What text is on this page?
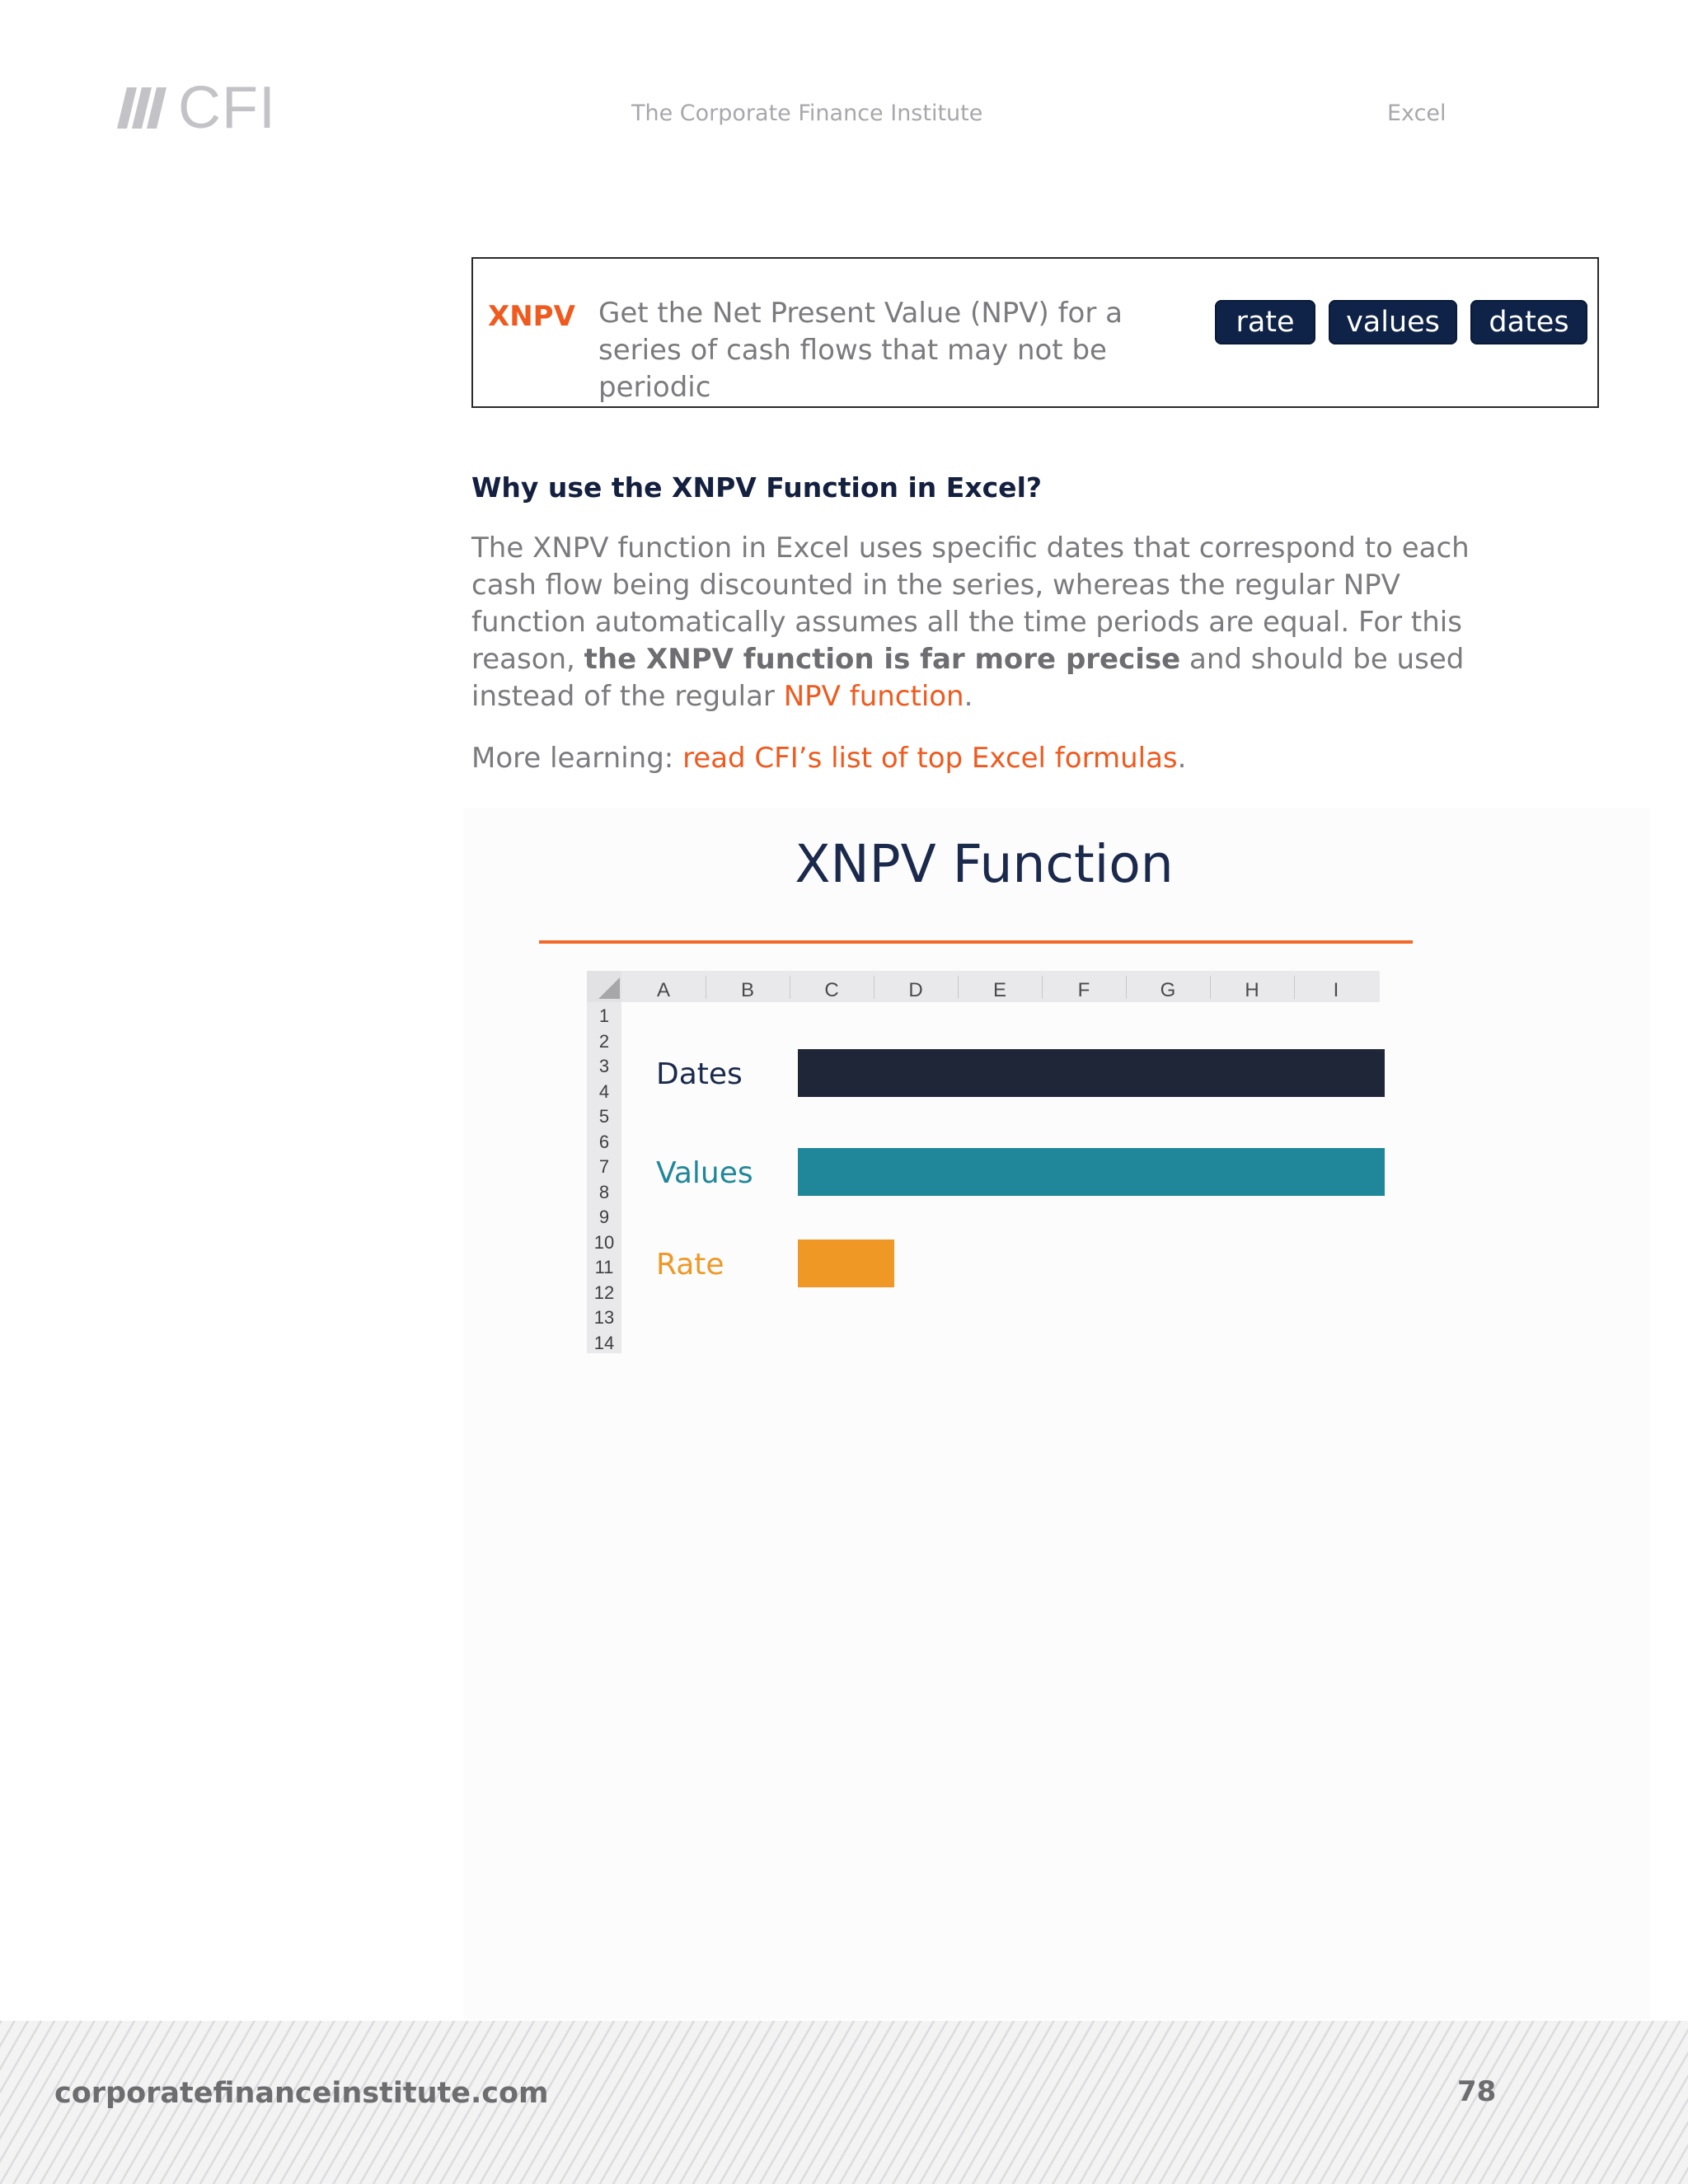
CFI	The Corporate Finance Institute	Excel
XNPV Get the Net Present Value (NPV) for a series of cash flows that may not be periodic
rate	values	dates
Why use the XNPV Function in Excel?
The XNPV function in Excel uses specific dates that correspond to each cash flow being discounted in the series, whereas the regular NPV function automatically assumes all the time periods are equal. For this reason, the XNPV function is far more precise and should be used instead of the regular NPV function.
More learning: read CFI’s list of top Excel formulas.
XNPV Function
A	B	C	D	E	F	G	H	I
1
2
3
4
5
6
7
8
9
10
11
12
13
14
Dates
Values
Rate
corporatefinanceinstitute.com	78
